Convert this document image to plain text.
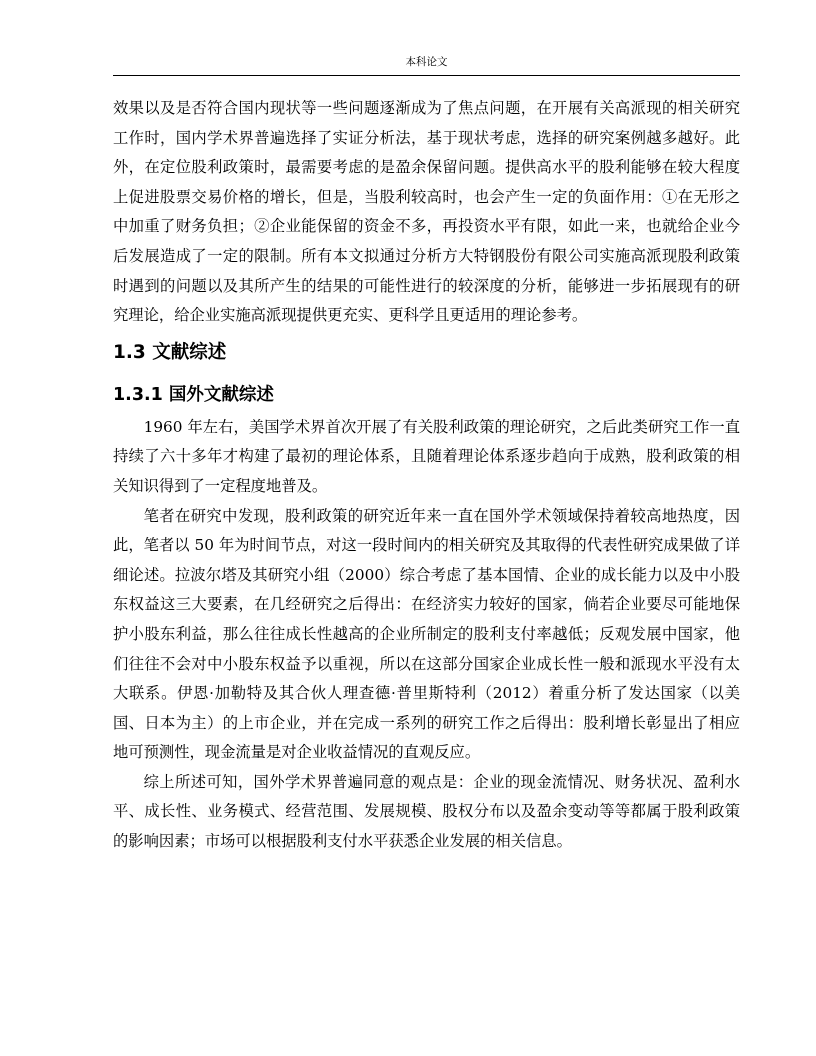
本科论文

效果以及是否符合国内现状等一些问题逐渐成为了焦点问题，在开展有关高派现的相关研究工作时，国内学术界普遍选择了实证分析法，基于现状考虑，选择的研究案例越多越好。此外，在定位股利政策时，最需要考虑的是盈余保留问题。提供高水平的股利能够在较大程度上促进股票交易价格的增长，但是，当股利较高时，也会产生一定的负面作用：①在无形之中加重了财务负担；②企业能保留的资金不多，再投资水平有限，如此一来，也就给企业今后发展造成了一定的限制。所有本文拟通过分析方大特钢股份有限公司实施高派现股利政策时遇到的问题以及其所产生的结果的可能性进行的较深度的分析，能够进一步拓展现有的研究理论，给企业实施高派现提供更充实、更科学且更适用的理论参考。

1.3 文献综述
1.3.1 国外文献综述

1960 年左右，美国学术界首次开展了有关股利政策的理论研究，之后此类研究工作一直持续了六十多年才构建了最初的理论体系，且随着理论体系逐步趋向于成熟，股利政策的相关知识得到了一定程度地普及。

笔者在研究中发现，股利政策的研究近年来一直在国外学术领域保持着较高地热度，因此，笔者以 50 年为时间节点，对这一段时间内的相关研究及其取得的代表性研究成果做了详细论述。拉波尔塔及其研究小组（2000）综合考虑了基本国情、企业的成长能力以及中小股东权益这三大要素，在几经研究之后得出：在经济实力较好的国家，倘若企业要尽可能地保护小股东利益，那么往往成长性越高的企业所制定的股利支付率越低；反观发展中国家，他们往往不会对中小股东权益予以重视，所以在这部分国家企业成长性一般和派现水平没有太大联系。伊恩·加勒特及其合伙人理查德·普里斯特利（2012）着重分析了发达国家（以美国、日本为主）的上市企业，并在完成一系列的研究工作之后得出：股利增长彰显出了相应地可预测性，现金流量是对企业收益情况的直观反应。

综上所述可知，国外学术界普遍同意的观点是：企业的现金流情况、财务状况、盈利水平、成长性、业务模式、经营范围、发展规模、股权分布以及盈余变动等等都属于股利政策的影响因素；市场可以根据股利支付水平获悉企业发展的相关信息。
